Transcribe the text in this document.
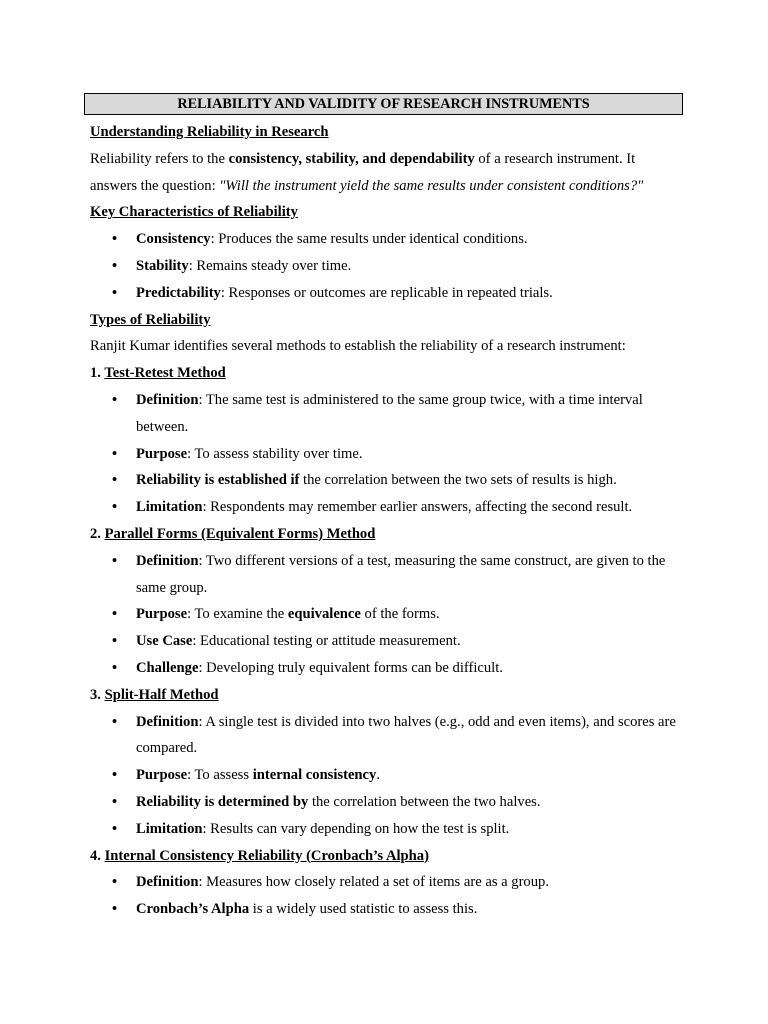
RELIABILITY AND VALIDITY OF RESEARCH INSTRUMENTS
Understanding Reliability in Research
Reliability refers to the consistency, stability, and dependability of a research instrument. It
answers the question: "Will the instrument yield the same results under consistent conditions?"
Key Characteristics of Reliability
• Consistency: Produces the same results under identical conditions.
• Stability: Remains steady over time.
• Predictability: Responses or outcomes are replicable in repeated trials.
Types of Reliability
Ranjit Kumar identifies several methods to establish the reliability of a research instrument:
1. Test-Retest Method
• Definition: The same test is administered to the same group twice, with a time interval between.
• Purpose: To assess stability over time.
• Reliability is established if the correlation between the two sets of results is high.
• Limitation: Respondents may remember earlier answers, affecting the second result.
2. Parallel Forms (Equivalent Forms) Method
• Definition: Two different versions of a test, measuring the same construct, are given to the same group.
• Purpose: To examine the equivalence of the forms.
• Use Case: Educational testing or attitude measurement.
• Challenge: Developing truly equivalent forms can be difficult.
3. Split-Half Method
• Definition: A single test is divided into two halves (e.g., odd and even items), and scores are compared.
• Purpose: To assess internal consistency.
• Reliability is determined by the correlation between the two halves.
• Limitation: Results can vary depending on how the test is split.
4. Internal Consistency Reliability (Cronbach’s Alpha)
• Definition: Measures how closely related a set of items are as a group.
• Cronbach’s Alpha is a widely used statistic to assess this.
